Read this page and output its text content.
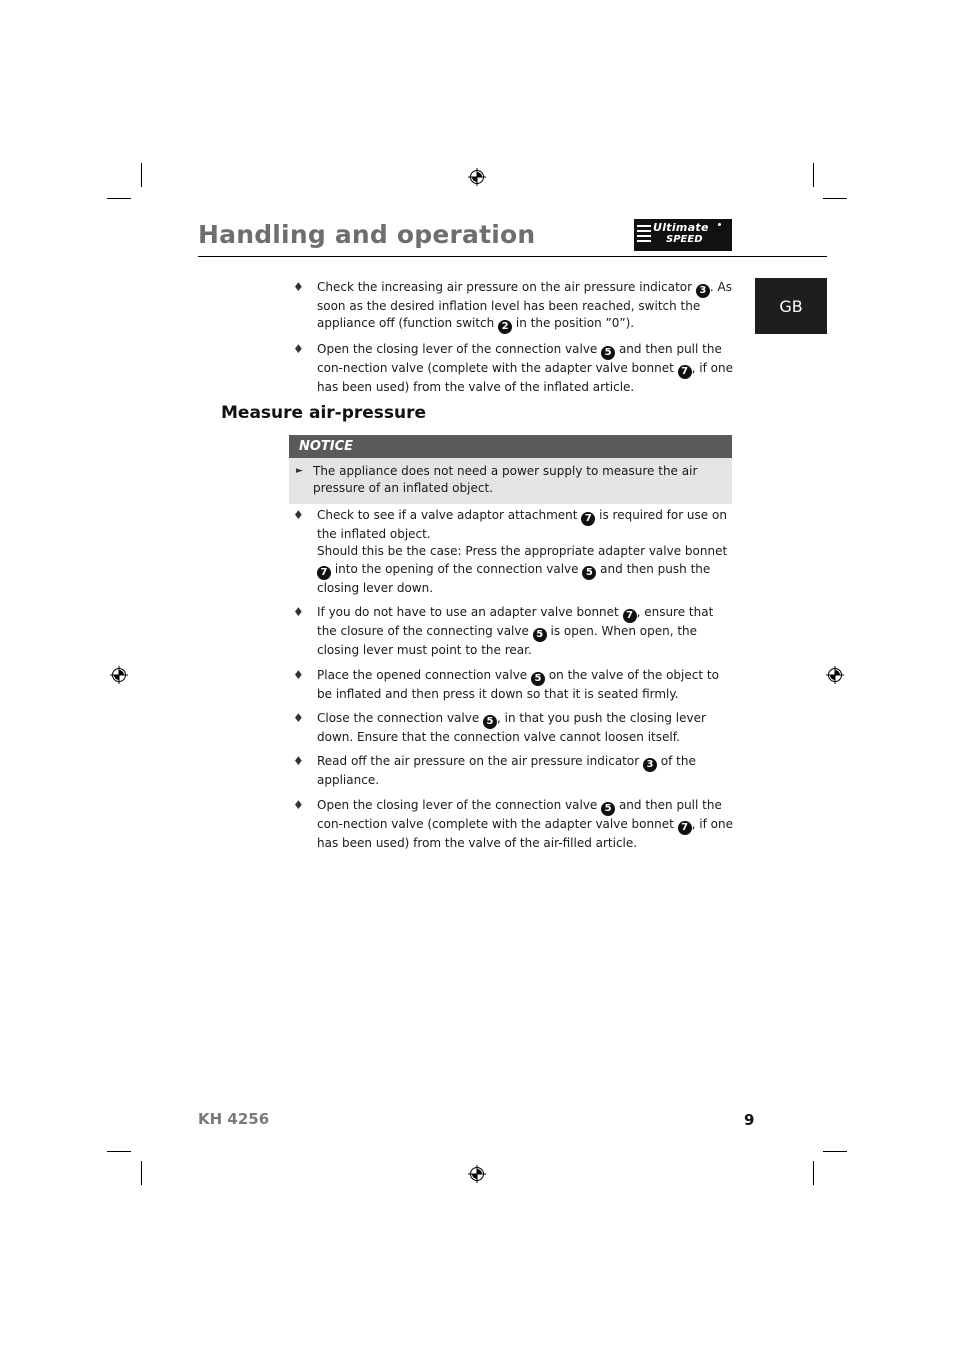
Handling and operation	Ultimate
SPEED
GB
♦ Check the increasing air pressure on the air pressure indicator 3 . As soon as the desired inflation level has been reached, switch the appliance off (function switch 2 in the position ”0”).
♦ Open the closing lever of the connection valve 5 and then pull the con-nection valve (complete with the adapter valve bonnet 7 , if one has been used) from the valve of the inflated article.
Measure air-pressure
NOTICE
► The appliance does not need a power supply to measure the air pressure of an inflated object.
♦ Check to see if a valve adaptor attachment 7 is required for use on the inflated object.
Should this be the case: Press the appropriate adapter valve bonnet 7 into the opening of the connection valve 5 and then push the closing lever down.
♦ If you do not have to use an adapter valve bonnet 7 , ensure that the closure of the connecting valve 5 is open. When open, the closing lever must point to the rear.
♦ Place the opened connection valve 5 on the valve of the object to be inflated and then press it down so that it is seated firmly.
♦ Close the connection valve 5 , in that you push the closing lever down. Ensure that the connection valve cannot loosen itself.
♦ Read off the air pressure on the air pressure indicator 3 of the appliance.
♦ Open the closing lever of the connection valve 5 and then pull the con-nection valve (complete with the adapter valve bonnet 7 , if one has been used) from the valve of the air-filled article.
KH 4256	9
